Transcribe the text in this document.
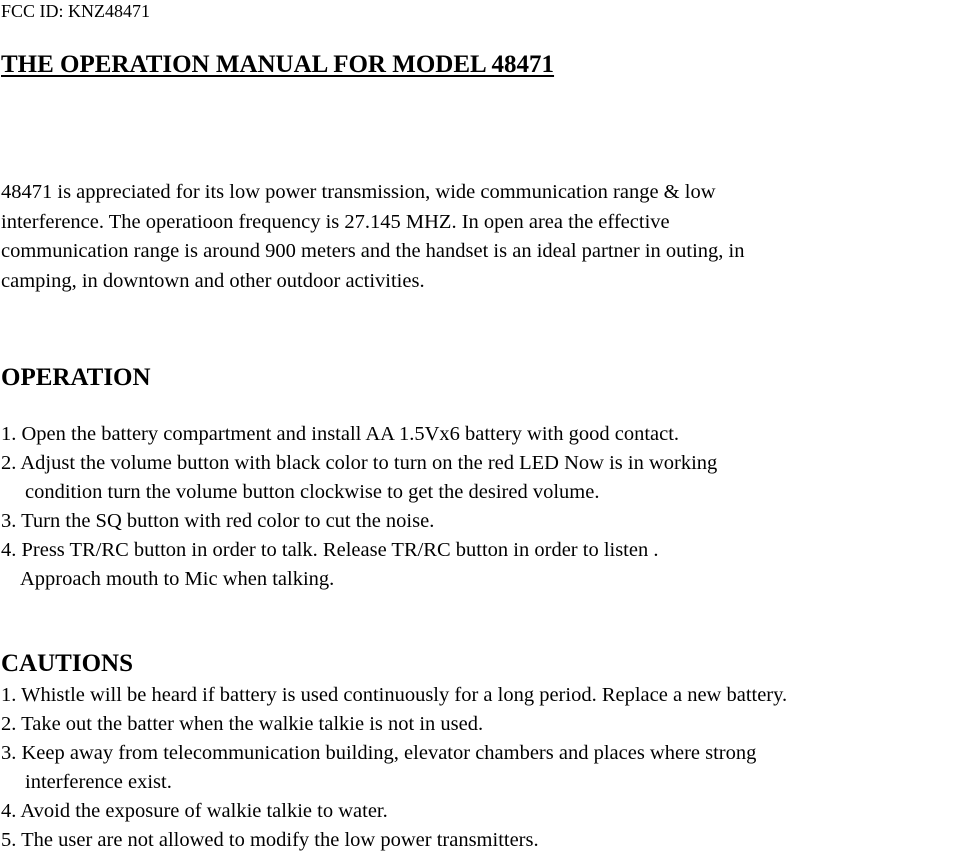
FCC ID: KNZ48471
THE OPERATION MANUAL FOR MODEL 48471
48471 is appreciated for its low power transmission, wide communication range & low
interference. The operatioon frequency is 27.145 MHZ. In open area the effective
communication range is around 900 meters and the handset is an ideal partner in outing, in
camping, in downtown and other outdoor activities.
OPERATION
1. Open the battery compartment and install AA 1.5Vx6 battery with good contact.
2. Adjust the volume button with black color to turn on the red LED Now is in working
condition turn the volume button clockwise to get the desired volume.
3. Turn the SQ button with red color to cut the noise.
4. Press TR/RC button in order to talk. Release TR/RC button in order to listen .
Approach mouth to Mic when talking.
CAUTIONS
1. Whistle will be heard if battery is used continuously for a long period. Replace a new battery.
2. Take out the batter when the walkie talkie is not in used.
3. Keep away from telecommunication building, elevator chambers and places where strong
interference exist.
4. Avoid the exposure of walkie talkie to water.
5. The user are not allowed to modify the low power transmitters.
